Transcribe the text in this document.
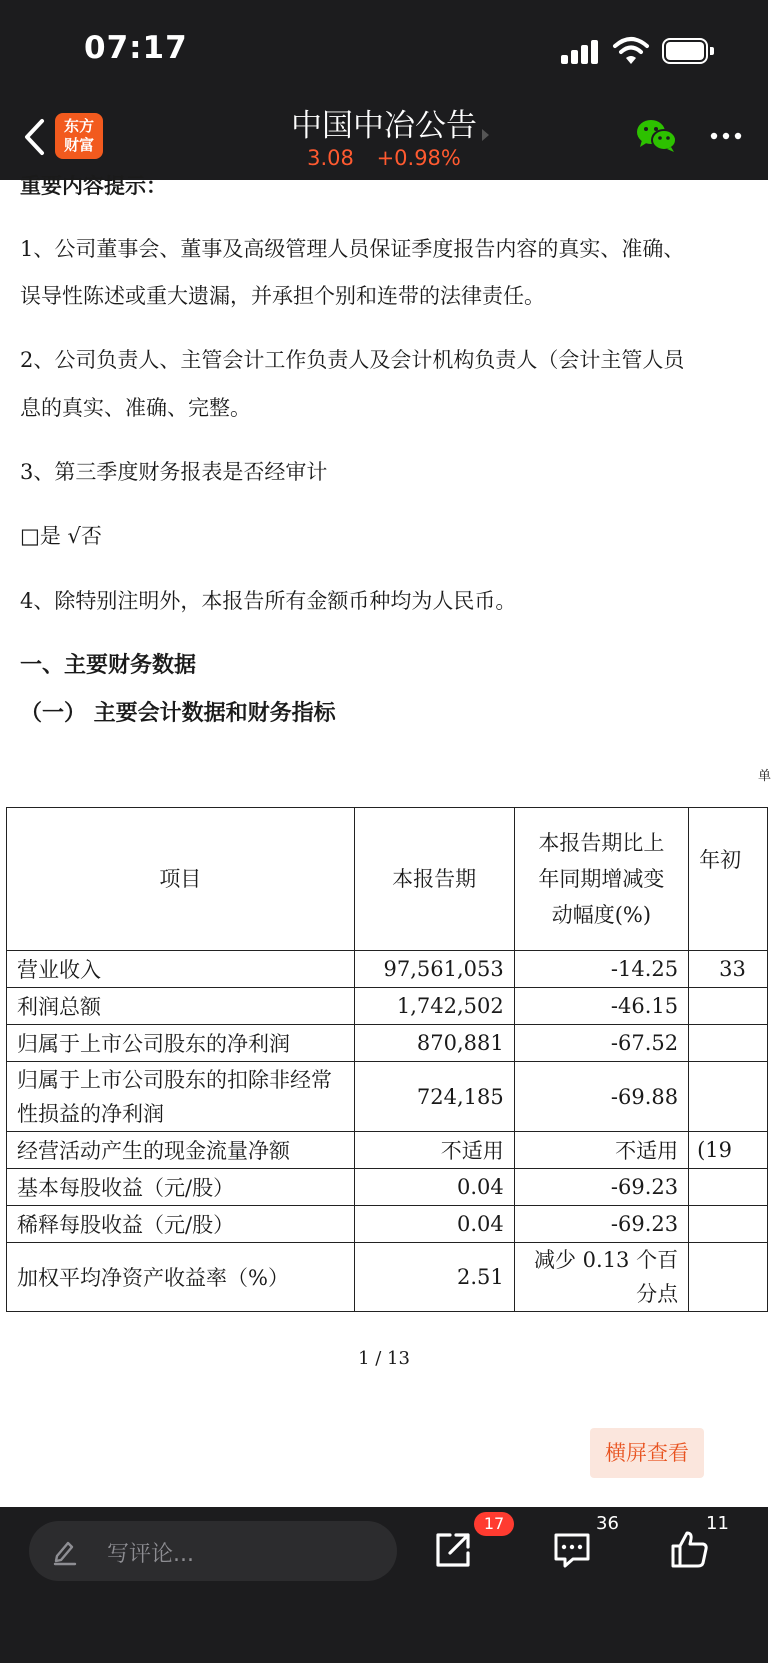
07:17
东方
财富
中国中冶公告
3.08 +0.98%

重要内容提示：

1、公司董事会、董事及高级管理人员保证季度报告内容的真实、准确、

误导性陈述或重大遗漏，并承担个别和连带的法律责任。

2、公司负责人、主管会计工作负责人及会计机构负责人（会计主管人员

息的真实、准确、完整。

3、第三季度财务报表是否经审计

□是 √否

4、除特别注明外，本报告所有金额币种均为人民币。

一、主要财务数据

（一） 主要会计数据和财务指标

单

项目	本报告期	本报告期比上年同期增减变动幅度(%)	年初
营业收入	97,561,053	-14.25	33
利润总额	1,742,502	-46.15	
归属于上市公司股东的净利润	870,881	-67.52	
归属于上市公司股东的扣除非经常性损益的净利润	724,185	-69.88	
经营活动产生的现金流量净额	不适用	不适用	(19
基本每股收益（元/股）	0.04	-69.23	
稀释每股收益（元/股）	0.04	-69.23	
加权平均净资产收益率（%）	2.51	减少 0.13 个百分点	
1 / 13
横屏查看
写评论...
17	36	11
